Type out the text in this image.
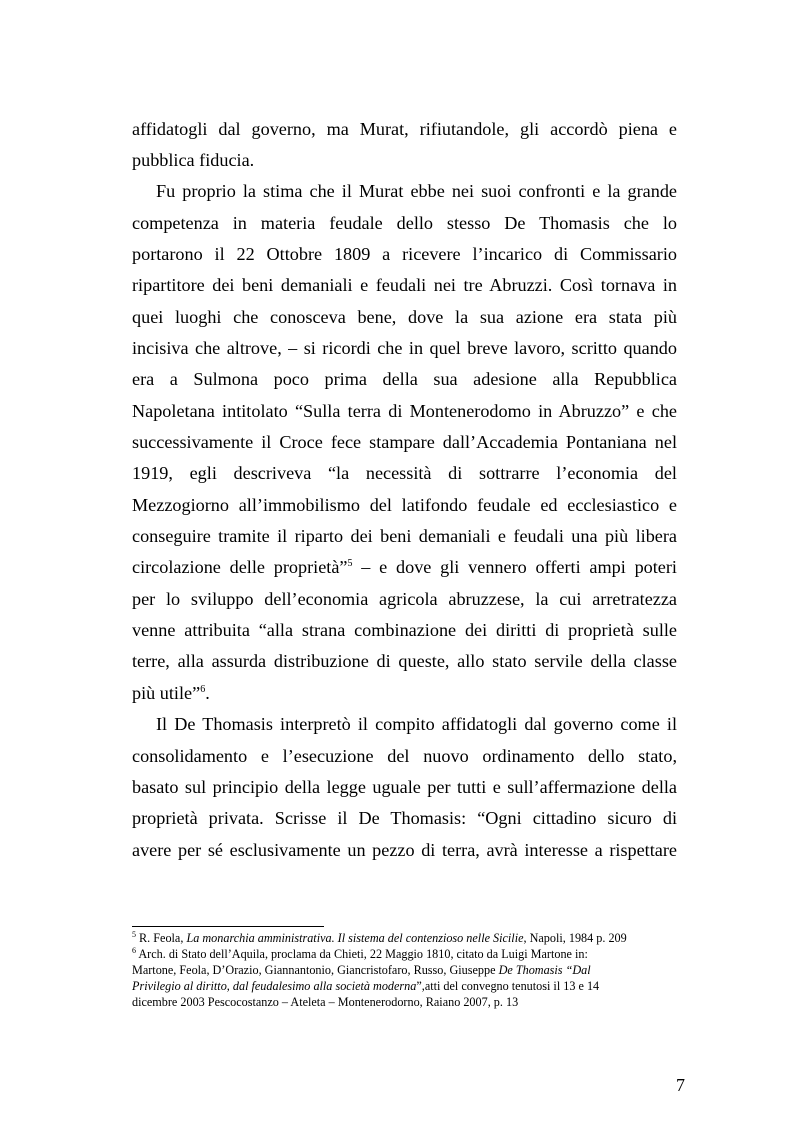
affidatogli dal governo, ma Murat, rifiutandole, gli accordò piena e
pubblica fiducia.
Fu proprio la stima che il Murat ebbe nei suoi confronti e la grande
competenza in materia feudale dello stesso De Thomasis che lo
portarono il 22 Ottobre 1809 a ricevere l’incarico di Commissario
ripartitore dei beni demaniali e feudali nei tre Abruzzi. Così tornava in
quei luoghi che conosceva bene, dove la sua azione era stata più
incisiva che altrove, – si ricordi che in quel breve lavoro, scritto quando
era a Sulmona poco prima della sua adesione alla Repubblica
Napoletana intitolato “Sulla terra di Montenerodomo in Abruzzo” e che
successivamente il Croce fece stampare dall’Accademia Pontaniana nel
1919, egli descriveva “la necessità di sottrarre l’economia del
Mezzogiorno all’immobilismo del latifondo feudale ed ecclesiastico e
conseguire tramite il riparto dei beni demaniali e feudali una più libera
circolazione delle proprietà”$^5$ – e dove gli vennero offerti ampi poteri
per lo sviluppo dell’economia agricola abruzzese, la cui arretratezza
venne attribuita “alla strana combinazione dei diritti di proprietà sulle
terre, alla assurda distribuzione di queste, allo stato servile della classe
più utile”$^6$.
Il De Thomasis interpretò il compito affidatogli dal governo come il
consolidamento e l’esecuzione del nuovo ordinamento dello stato,
basato sul principio della legge uguale per tutti e sull’affermazione della
proprietà privata. Scrisse il De Thomasis: “Ogni cittadino sicuro di
avere per sé esclusivamente un pezzo di terra, avrà interesse a rispettare
$^5$ R. Feola, La monarchia amministrativa. Il sistema del contenzioso nelle Sicilie, Napoli, 1984 p. 209
$^6$ Arch. di Stato dell’Aquila, proclama da Chieti, 22 Maggio 1810, citato da Luigi Martone in:
Martone, Feola, D’Orazio, Giannantonio, Giancristofaro, Russo, Giuseppe De Thomasis “Dal
Privilegio al diritto, dal feudalesimo alla società moderna”,atti del convegno tenutosi il 13 e 14
dicembre 2003 Pescocostanzo – Ateleta – Montenerodorno, Raiano 2007, p. 13
7
